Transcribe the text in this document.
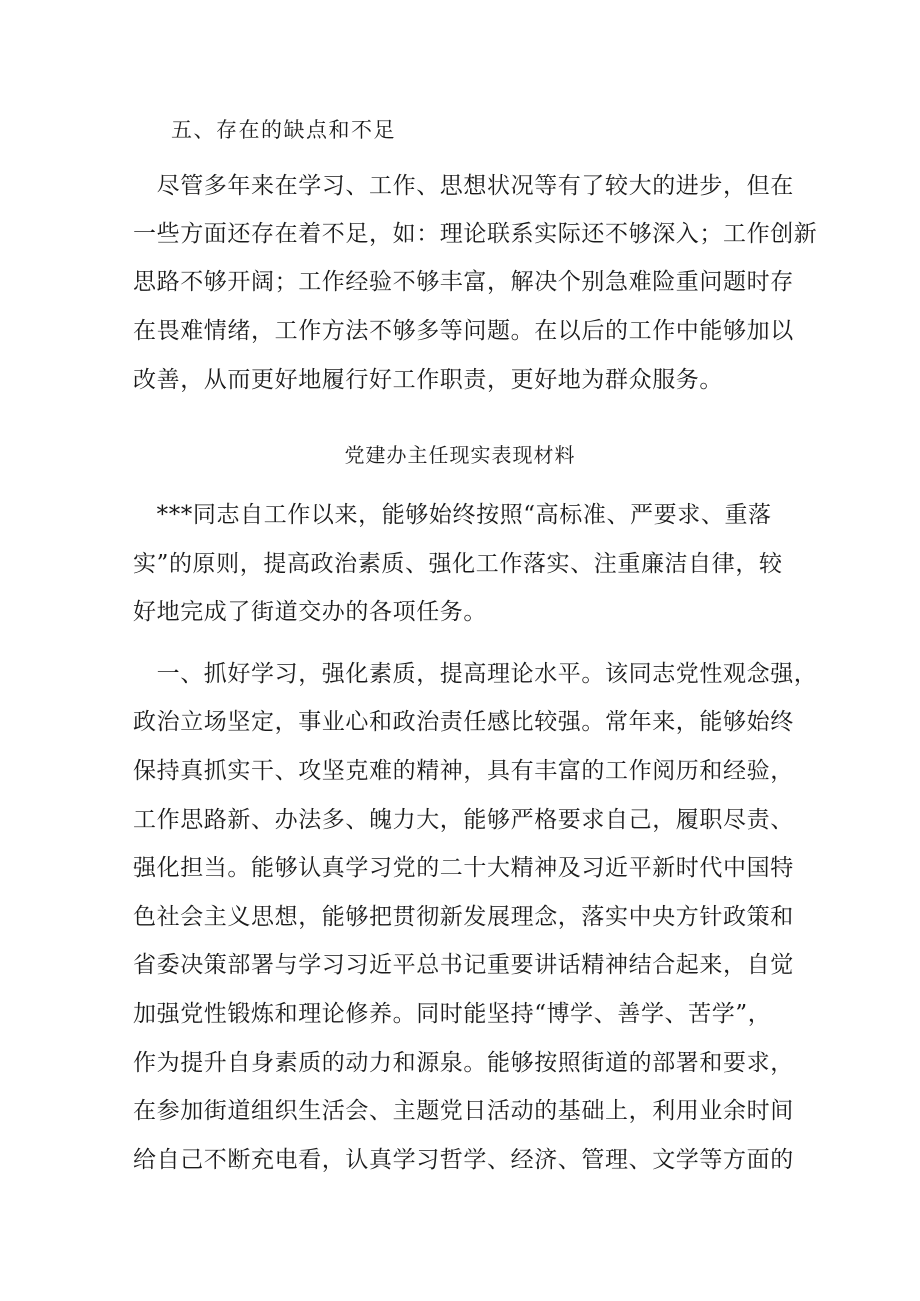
五、存在的缺点和不足

　尽管多年来在学习、工作、思想状况等有了较大的进步，但在

一些方面还存在着不足，如：理论联系实际还不够深入；工作创新

思路不够开阔；工作经验不够丰富，解决个别急难险重问题时存

在畏难情绪，工作方法不够多等问题。在以后的工作中能够加以

改善，从而更好地履行好工作职责，更好地为群众服务。

党建办主任现实表现材料

　***同志自工作以来，能够始终按照“高标准、严要求、重落

实”的原则，提高政治素质、强化工作落实、注重廉洁自律，较

好地完成了街道交办的各项任务。

　一、抓好学习，强化素质，提高理论水平。该同志党性观念强，

政治立场坚定，事业心和政治责任感比较强。常年来，能够始终

保持真抓实干、攻坚克难的精神，具有丰富的工作阅历和经验，

工作思路新、办法多、魄力大，能够严格要求自己，履职尽责、

强化担当。能够认真学习党的二十大精神及习近平新时代中国特

色社会主义思想，能够把贯彻新发展理念，落实中央方针政策和

省委决策部署与学习习近平总书记重要讲话精神结合起来，自觉

加强党性锻炼和理论修养。同时能坚持“博学、善学、苦学”，

作为提升自身素质的动力和源泉。能够按照街道的部署和要求，

在参加街道组织生活会、主题党日活动的基础上，利用业余时间

给自己不断充电看，认真学习哲学、经济、管理、文学等方面的
